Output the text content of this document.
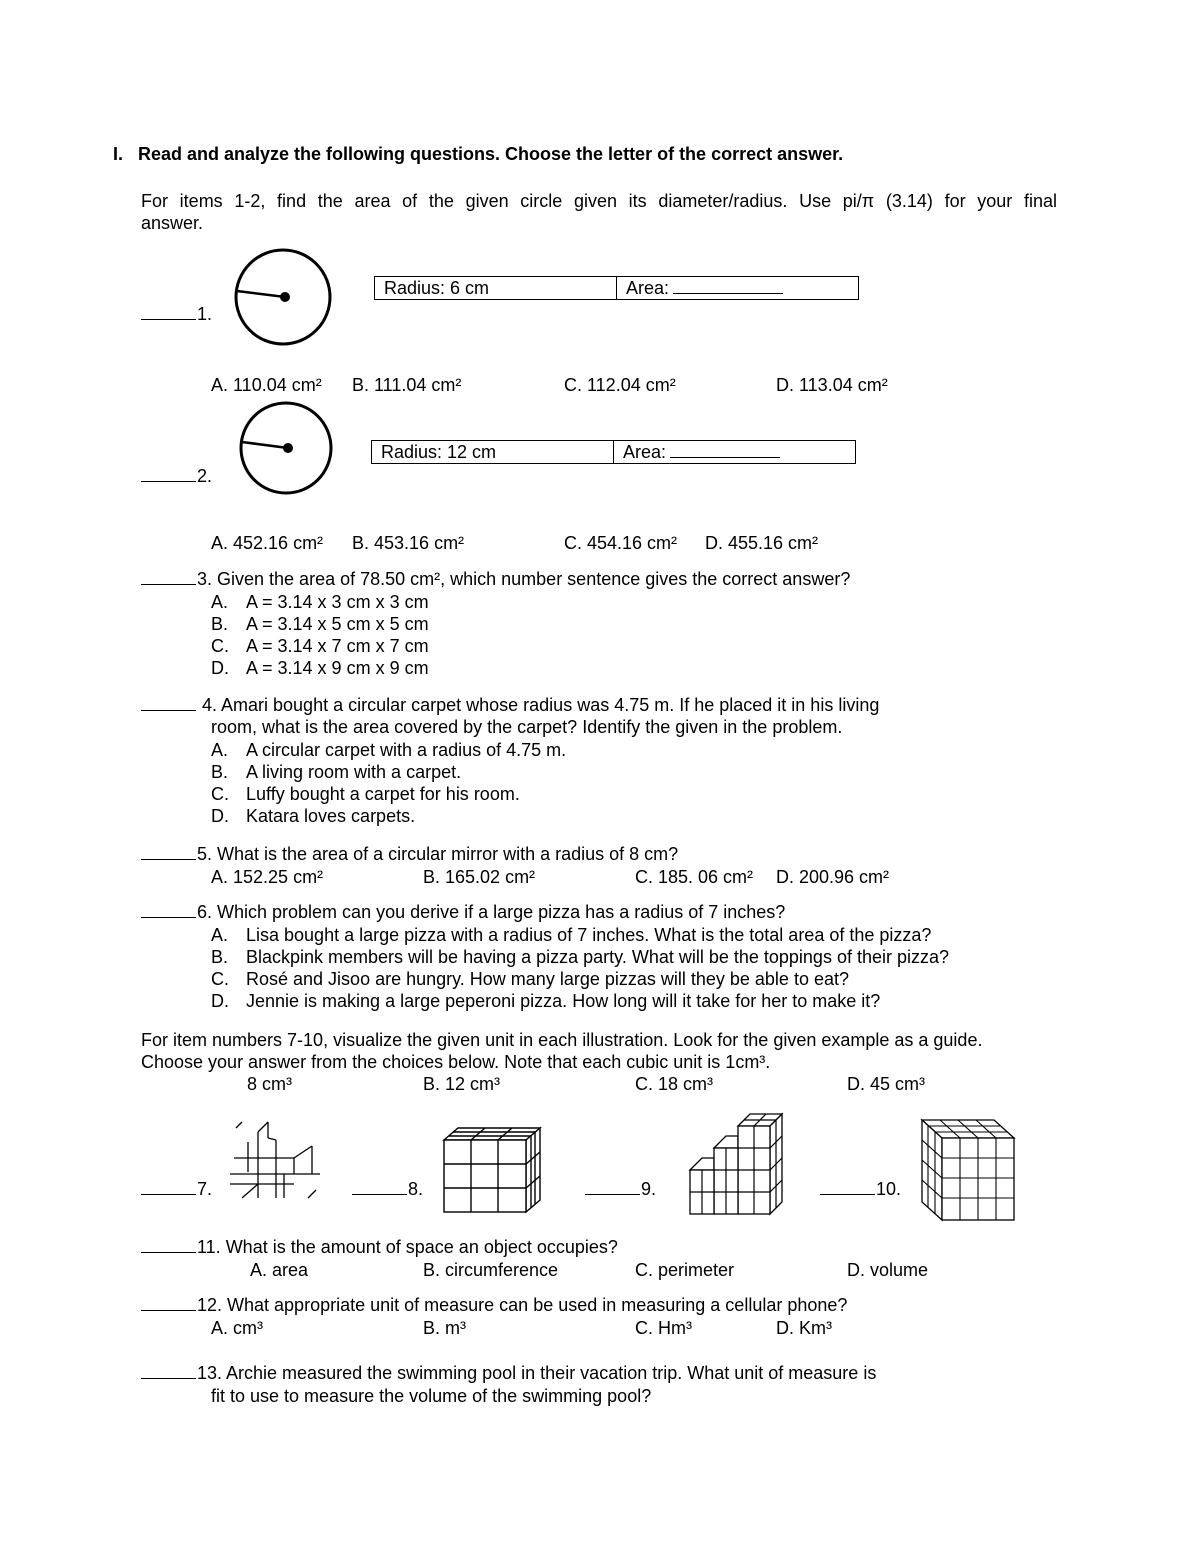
I. Read and analyze the following questions. Choose the letter of the correct answer.
For items 1-2, find the area of the given circle given its diameter/radius. Use pi/π (3.14) for your final
answer.
Radius: 6 cm	Area:
1.
A. 110.04 cm² B. 111.04 cm²	C. 112.04 cm²	D. 113.04 cm²
Radius: 12 cm	Area:
2.
A. 452.16 cm² B. 453.16 cm²	C. 454.16 cm² D. 455.16 cm²
3. Given the area of 78.50 cm², which number sentence gives the correct answer?
A. A = 3.14 x 3 cm x 3 cm
B. A = 3.14 x 5 cm x 5 cm
C. A = 3.14 x 7 cm x 7 cm
D. A = 3.14 x 9 cm x 9 cm
4. Amari bought a circular carpet whose radius was 4.75 m. If he placed it in his living
room, what is the area covered by the carpet? Identify the given in the problem.
A. A circular carpet with a radius of 4.75 m.
B. A living room with a carpet.
C. Luffy bought a carpet for his room.
D. Katara loves carpets.
5. What is the area of a circular mirror with a radius of 8 cm?
A. 152.25 cm²	B. 165.02 cm²	C. 185. 06 cm² D. 200.96 cm²
6. Which problem can you derive if a large pizza has a radius of 7 inches?
A. Lisa bought a large pizza with a radius of 7 inches. What is the total area of the pizza?
B. Blackpink members will be having a pizza party. What will be the toppings of their pizza?
C. Rosé and Jisoo are hungry. How many large pizzas will they be able to eat?
D. Jennie is making a large peperoni pizza. How long will it take for her to make it?
For item numbers 7-10, visualize the given unit in each illustration. Look for the given example as a guide.
Choose your answer from the choices below. Note that each cubic unit is 1cm³.
8 cm³	B. 12 cm³	C. 18 cm³	D. 45 cm³
7.	8.	9.	10.
11. What is the amount of space an object occupies?
A. area	B. circumference	C. perimeter	D. volume
12. What appropriate unit of measure can be used in measuring a cellular phone?
A. cm³	B. m³	C. Hm³	D. Km³
13. Archie measured the swimming pool in their vacation trip. What unit of measure is
fit to use to measure the volume of the swimming pool?
